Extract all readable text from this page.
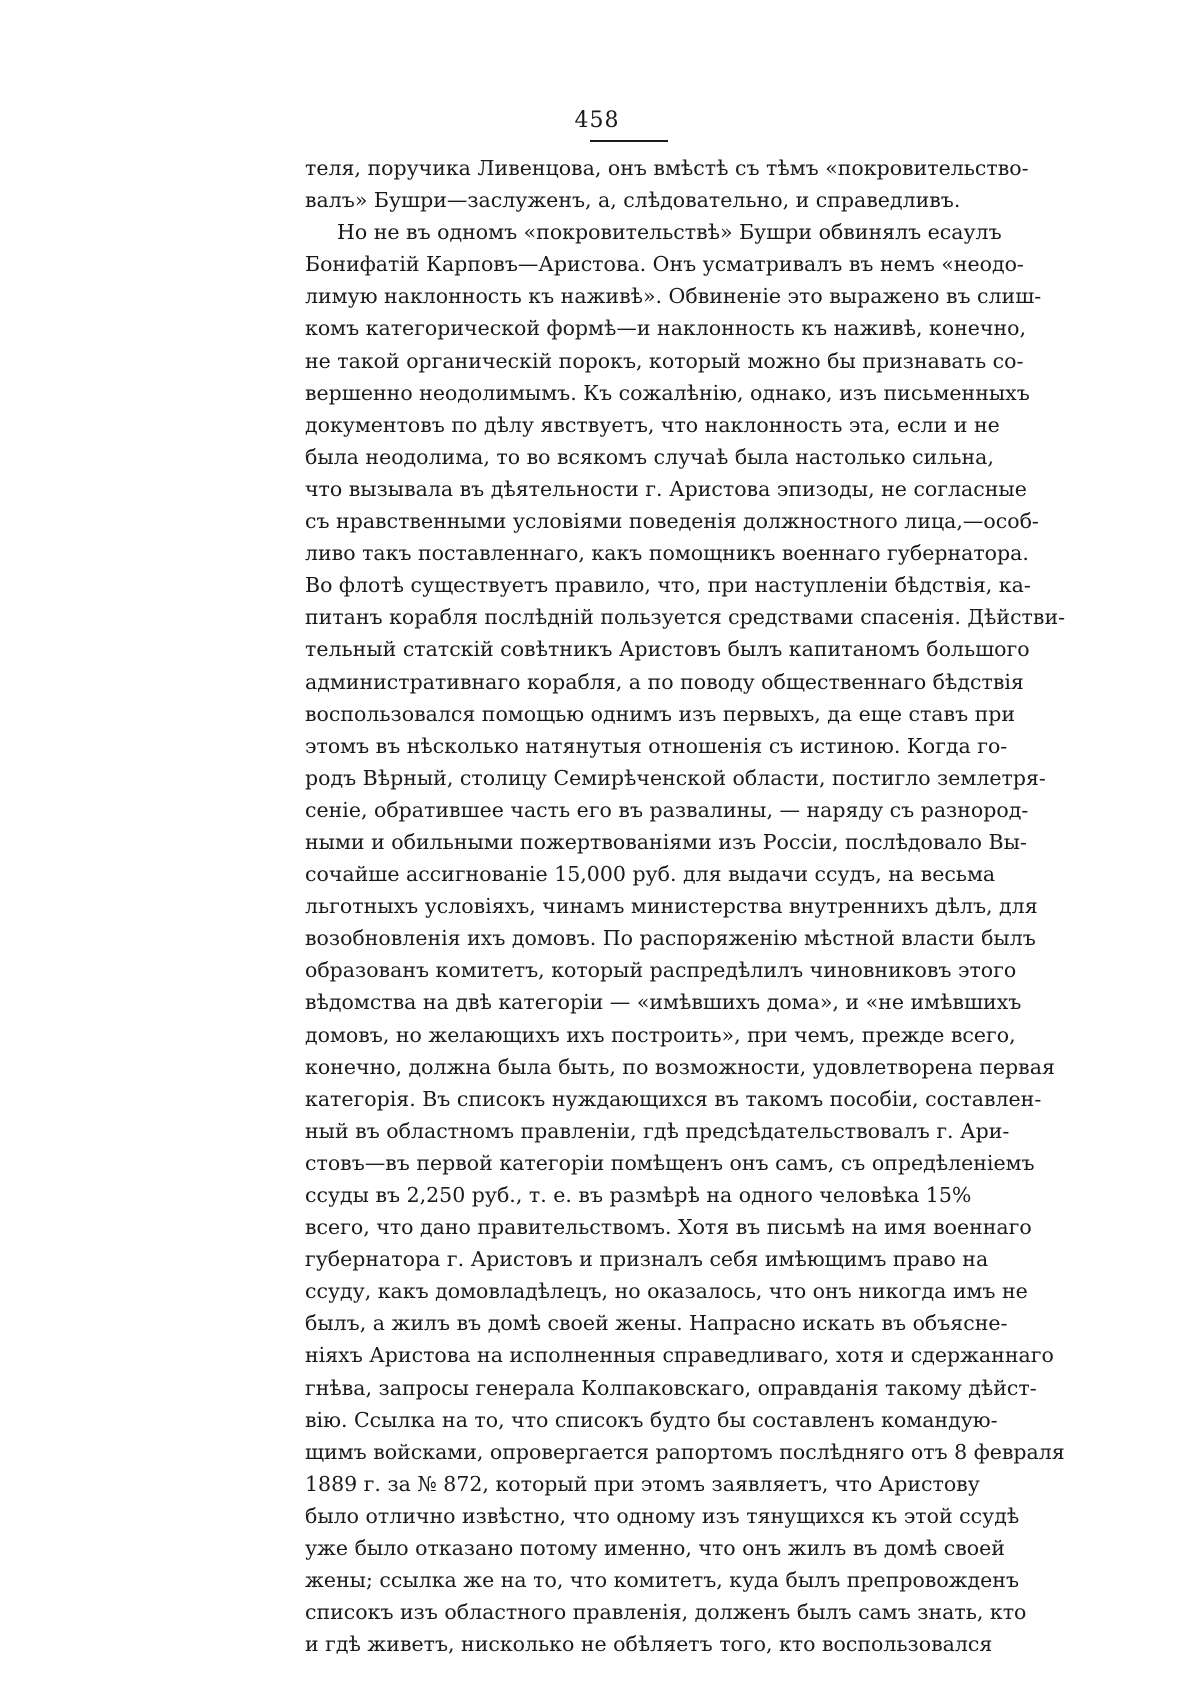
458
теля, поручика Ливенцова, онъ вмѣстѣ съ тѣмъ «покровительство-
валъ» Бушри—заслуженъ, а, слѣдовательно, и справедливъ.
Но не въ одномъ «покровительствѣ» Бушри обвинялъ есаулъ
Бонифатій Карповъ—Аристова. Онъ усматривалъ въ немъ «неодо-
лимую наклонность къ наживѣ». Обвиненіе это выражено въ слиш-
комъ категорической формѣ—и наклонность къ наживѣ, конечно,
не такой органическій порокъ, который можно бы признавать со-
вершенно неодолимымъ. Къ сожалѣнію, однако, изъ письменныхъ
документовъ по дѣлу явствуетъ, что наклонность эта, если и не
была неодолима, то во всякомъ случаѣ была настолько сильна,
что вызывала въ дѣятельности г. Аристова эпизоды, не согласные
съ нравственными условіями поведенія должностного лица,—особ-
ливо такъ поставленнаго, какъ помощникъ военнаго губернатора.
Во флотѣ существуетъ правило, что, при наступленіи бѣдствія, ка-
питанъ корабля послѣдній пользуется средствами спасенія. Дѣйстви-
тельный статскій совѣтникъ Аристовъ былъ капитаномъ большого
административнаго корабля, а по поводу общественнаго бѣдствія
воспользовался помощью однимъ изъ первыхъ, да еще ставъ при
этомъ въ нѣсколько натянутыя отношенія съ истиною. Когда го-
родъ Вѣрный, столицу Семирѣченской области, постигло землетря-
сеніе, обратившее часть его въ развалины, — наряду съ разнород-
ными и обильными пожертвованіями изъ Россіи, послѣдовало Вы-
сочайше ассигнованіе 15,000 руб. для выдачи ссудъ, на весьма
льготныхъ условіяхъ, чинамъ министерства внутреннихъ дѣлъ, для
возобновленія ихъ домовъ. По распоряженію мѣстной власти былъ
образованъ комитетъ, который распредѣлилъ чиновниковъ этого
вѣдомства на двѣ категоріи — «имѣвшихъ дома», и «не имѣвшихъ
домовъ, но желающихъ ихъ построить», при чемъ, прежде всего,
конечно, должна была быть, по возможности, удовлетворена первая
категорія. Въ списокъ нуждающихся въ такомъ пособіи, составлен-
ный въ областномъ правленіи, гдѣ предсѣдательствовалъ г. Ари-
стовъ—въ первой категоріи помѣщенъ онъ самъ, съ опредѣленіемъ
ссуды въ 2,250 руб., т. е. въ размѣрѣ на одного человѣка 15%
всего, что дано правительствомъ. Хотя въ письмѣ на имя военнаго
губернатора г. Аристовъ и призналъ себя имѣющимъ право на
ссуду, какъ домовладѣлецъ, но оказалось, что онъ никогда имъ не
былъ, а жилъ въ домѣ своей жены. Напрасно искать въ объясне-
ніяхъ Аристова на исполненныя справедливаго, хотя и сдержаннаго
гнѣва, запросы генерала Колпаковскаго, оправданія такому дѣйст-
вію. Ссылка на то, что списокъ будто бы составленъ командую-
щимъ войсками, опровергается рапортомъ послѣдняго отъ 8 февраля
1889 г. за № 872, который при этомъ заявляетъ, что Аристову
было отлично извѣстно, что одному изъ тянущихся къ этой ссудѣ
уже было отказано потому именно, что онъ жилъ въ домѣ своей
жены; ссылка же на то, что комитетъ, куда былъ препровожденъ
списокъ изъ областного правленія, долженъ былъ самъ знать, кто
и гдѣ живетъ, нисколько не обѣляетъ того, кто воспользовался
